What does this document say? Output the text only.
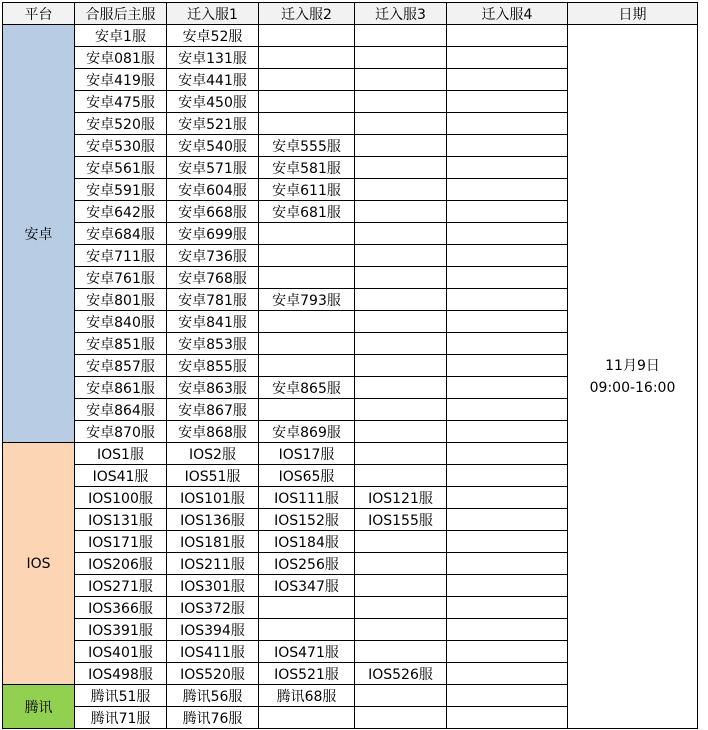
平台	合服后主服	迁入服1	迁入服2	迁入服3	迁入服4	日期
安卓	安卓1服	安卓52服				11月9日
09:00-16:00

	安卓081服	安卓131服				
	安卓419服	安卓441服				
	安卓475服	安卓450服				
	安卓520服	安卓521服				
	安卓530服	安卓540服	安卓555服			
	安卓561服	安卓571服	安卓581服			
	安卓591服	安卓604服	安卓611服			
	安卓642服	安卓668服	安卓681服			
	安卓684服	安卓699服				
	安卓711服	安卓736服				
	安卓761服	安卓768服				
	安卓801服	安卓781服	安卓793服			
	安卓840服	安卓841服				
	安卓851服	安卓853服				
	安卓857服	安卓855服				
	安卓861服	安卓863服	安卓865服			
	安卓864服	安卓867服				
	安卓870服	安卓868服	安卓869服			
IOS	IOS1服	IOS2服	IOS17服			
	IOS41服	IOS51服	IOS65服			
	IOS100服	IOS101服	IOS111服	IOS121服		
	IOS131服	IOS136服	IOS152服	IOS155服		
	IOS171服	IOS181服	IOS184服			
	IOS206服	IOS211服	IOS256服			
	IOS271服	IOS301服	IOS347服			
	IOS366服	IOS372服				
	IOS391服	IOS394服				
	IOS401服	IOS411服	IOS471服			
	IOS498服	IOS520服	IOS521服	IOS526服		
腾讯	腾讯51服	腾讯56服	腾讯68服			
	腾讯71服	腾讯76服				
